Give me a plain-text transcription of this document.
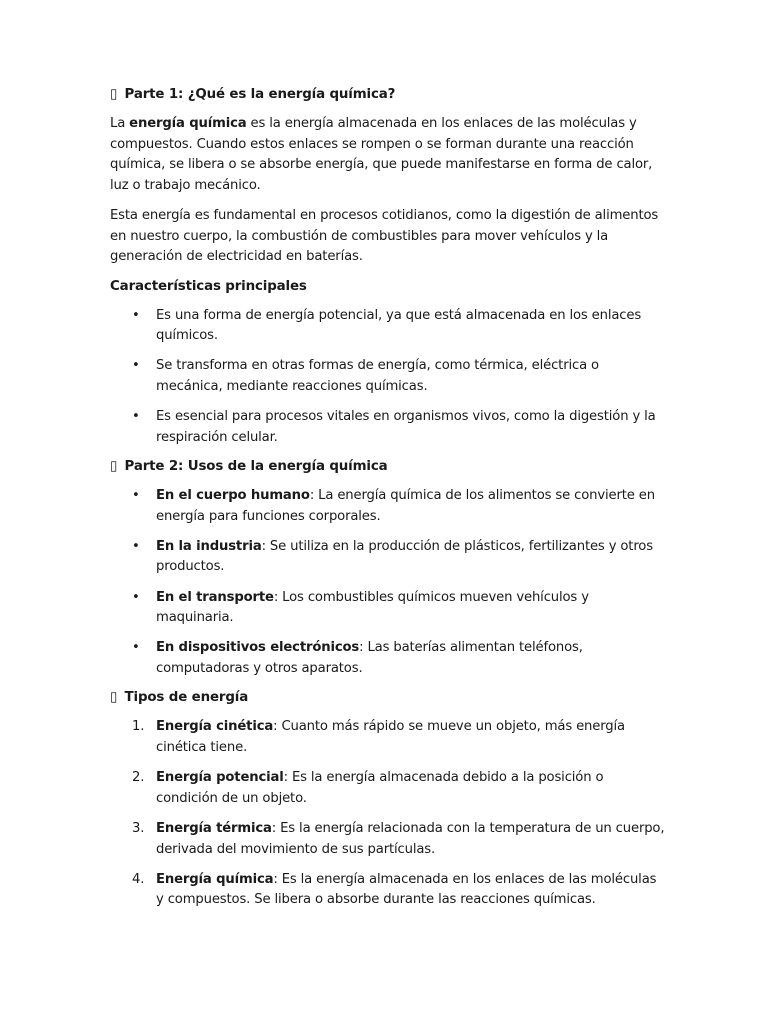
▯ Parte 1: ¿Qué es la energía química?

La energía química es la energía almacenada en los enlaces de las moléculas y compuestos. Cuando estos enlaces se rompen o se forman durante una reacción química, se libera o se absorbe energía, que puede manifestarse en forma de calor, luz o trabajo mecánico.

Esta energía es fundamental en procesos cotidianos, como la digestión de alimentos en nuestro cuerpo, la combustión de combustibles para mover vehículos y la generación de electricidad en baterías.

Características principales
• Es una forma de energía potencial, ya que está almacenada en los enlaces químicos.
• Se transforma en otras formas de energía, como térmica, eléctrica o mecánica, mediante reacciones químicas.
• Es esencial para procesos vitales en organismos vivos, como la digestión y la respiración celular.
▯ Parte 2: Usos de la energía química
• En el cuerpo humano: La energía química de los alimentos se convierte en energía para funciones corporales.
• En la industria: Se utiliza en la producción de plásticos, fertilizantes y otros productos.
• En el transporte: Los combustibles químicos mueven vehículos y maquinaria.
• En dispositivos electrónicos: Las baterías alimentan teléfonos, computadoras y otros aparatos.
▯ Tipos de energía
1. Energía cinética: Cuanto más rápido se mueve un objeto, más energía cinética tiene.
2. Energía potencial: Es la energía almacenada debido a la posición o condición de un objeto.
3. Energía térmica: Es la energía relacionada con la temperatura de un cuerpo, derivada del movimiento de sus partículas.
4. Energía química: Es la energía almacenada en los enlaces de las moléculas y compuestos. Se libera o absorbe durante las reacciones químicas.
